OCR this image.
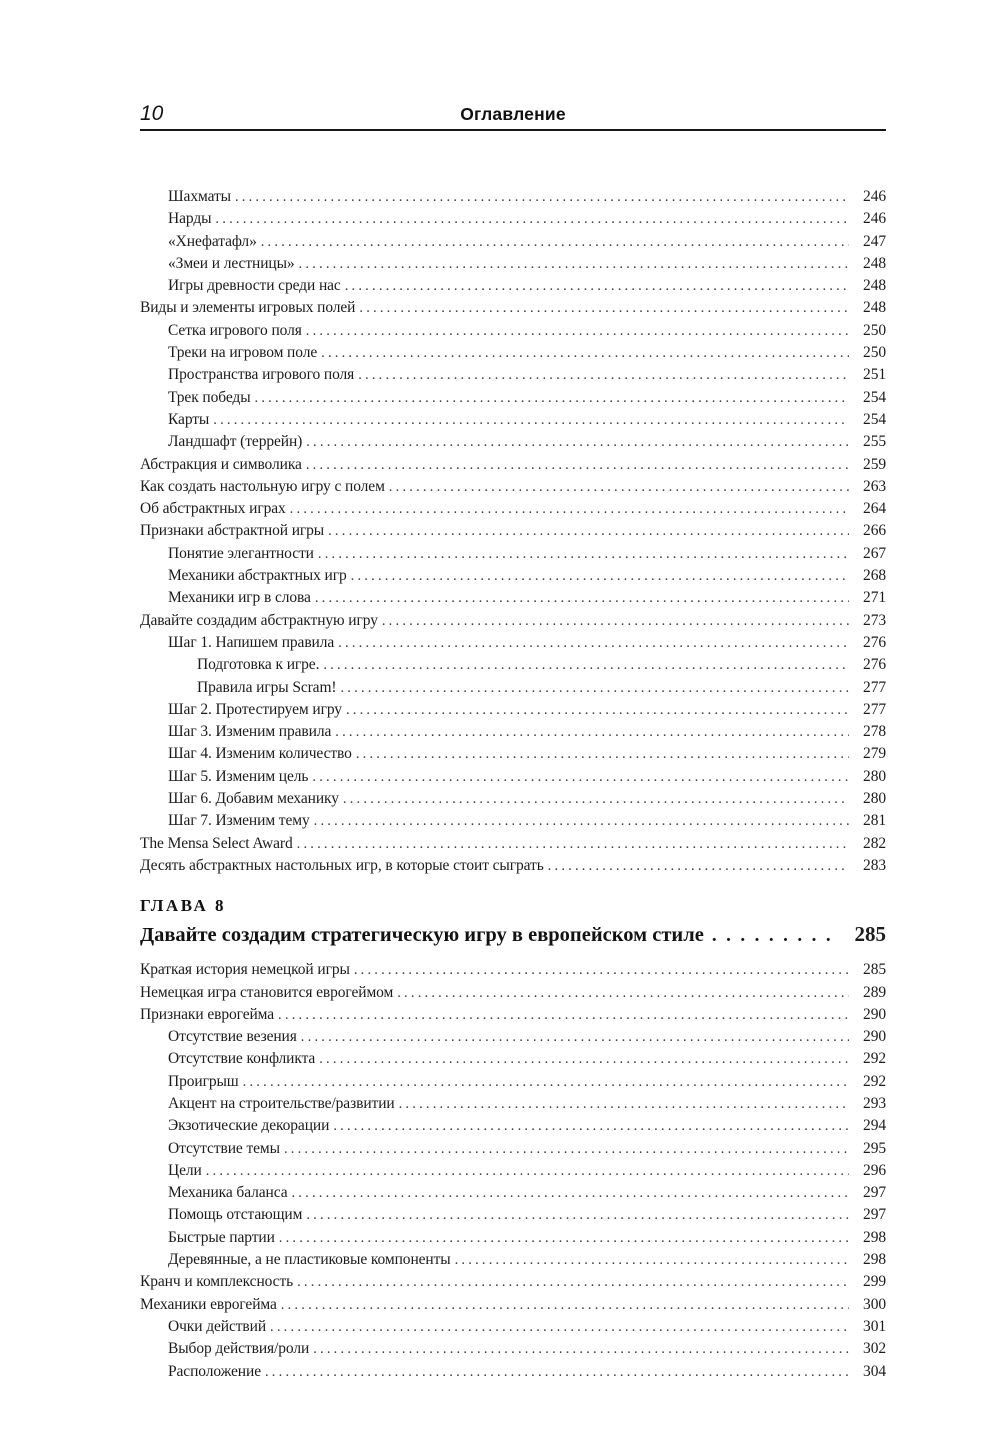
10	Оглавление
Шахматы .....	246
Нарды .....	246
«Хнефатафл» .....	247
«Змеи и лестницы» .....	248
Игры древности среди нас .....	248
Виды и элементы игровых полей .....	248
Сетка игрового поля .....	250
Треки на игровом поле .....	250
Пространства игрового поля .....	251
Трек победы .....	254
Карты .....	254
Ландшафт (террейн) .....	255
Абстракция и символика .....	259
Как создать настольную игру с полем .....	263
Об абстрактных играх .....	264
Признаки абстрактной игры .....	266
Понятие элегантности .....	267
Механики абстрактных игр .....	268
Механики игр в слова .....	271
Давайте создадим абстрактную игру .....	273
Шаг 1. Напишем правила .....	276
Подготовка к игре. .....	276
Правила игры Scram! .....	277
Шаг 2. Протестируем игру .....	277
Шаг 3. Изменим правила .....	278
Шаг 4. Изменим количество .....	279
Шаг 5. Изменим цель .....	280
Шаг 6. Добавим механику .....	280
Шаг 7. Изменим тему .....	281
The Mensa Select Award .....	282
Десять абстрактных настольных игр, в которые стоит сыграть .....	283
ГЛАВА 8
Давайте создадим стратегическую игру в европейском стиле .....	285
Краткая история немецкой игры .....	285
Немецкая игра становится еврогеймом .....	289
Признаки еврогейма .....	290
Отсутствие везения .....	290
Отсутствие конфликта .....	292
Проигрыш .....	292
Акцент на строительстве/развитии .....	293
Экзотические декорации .....	294
Отсутствие темы .....	295
Цели .....	296
Механика баланса .....	297
Помощь отстающим .....	297
Быстрые партии .....	298
Деревянные, а не пластиковые компоненты .....	298
Кранч и комплексность .....	299
Механики еврогейма .....	300
Очки действий .....	301
Выбор действия/роли .....	302
Расположение .....	304
